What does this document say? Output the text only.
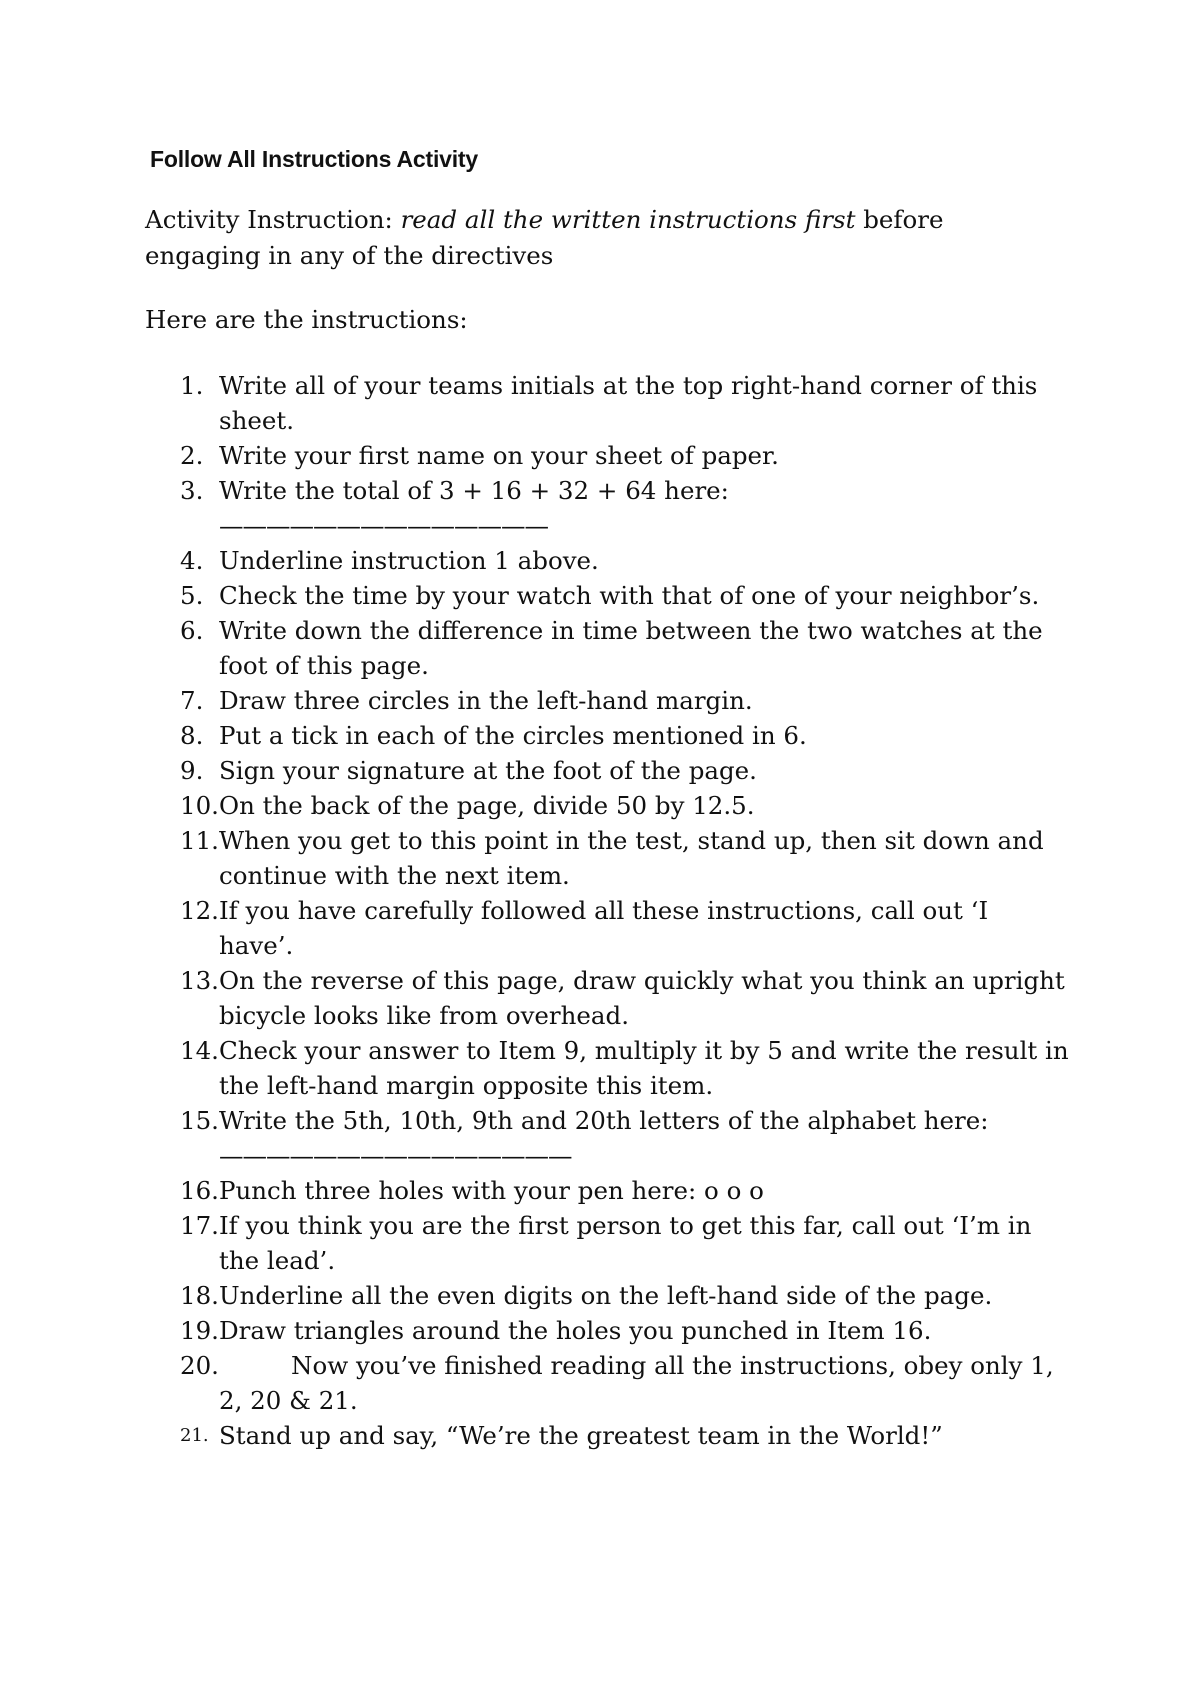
Follow All Instructions Activity
Activity Instruction: read all the written instructions first before engaging in any of the directives
Here are the instructions:
1. Write all of your teams initials at the top right-hand corner of this sheet.
2. Write your first name on your sheet of paper.
3. Write the total of 3 + 16 + 32 + 64 here:
——————————————
4. Underline instruction 1 above.
5. Check the time by your watch with that of one of your neighbor’s.
6. Write down the difference in time between the two watches at the foot of this page.
7. Draw three circles in the left-hand margin.
8. Put a tick in each of the circles mentioned in 6.
9. Sign your signature at the foot of the page.
10. On the back of the page, divide 50 by 12.5.
11. When you get to this point in the test, stand up, then sit down and continue with the next item.
12. If you have carefully followed all these instructions, call out ‘I have’.
13. On the reverse of this page, draw quickly what you think an upright bicycle looks like from overhead.
14. Check your answer to Item 9, multiply it by 5 and write the result in the left-hand margin opposite this item.
15. Write the 5th, 10th, 9th and 20th letters of the alphabet here:
———————————————
16. Punch three holes with your pen here: o o o
17. If you think you are the first person to get this far, call out ‘I’m in the lead’.
18. Underline all the even digits on the left-hand side of the page.
19. Draw triangles around the holes you punched in Item 16.
20.	Now you’ve finished reading all the instructions, obey only 1, 2, 20 & 21.
21. Stand up and say, “We’re the greatest team in the World!”
